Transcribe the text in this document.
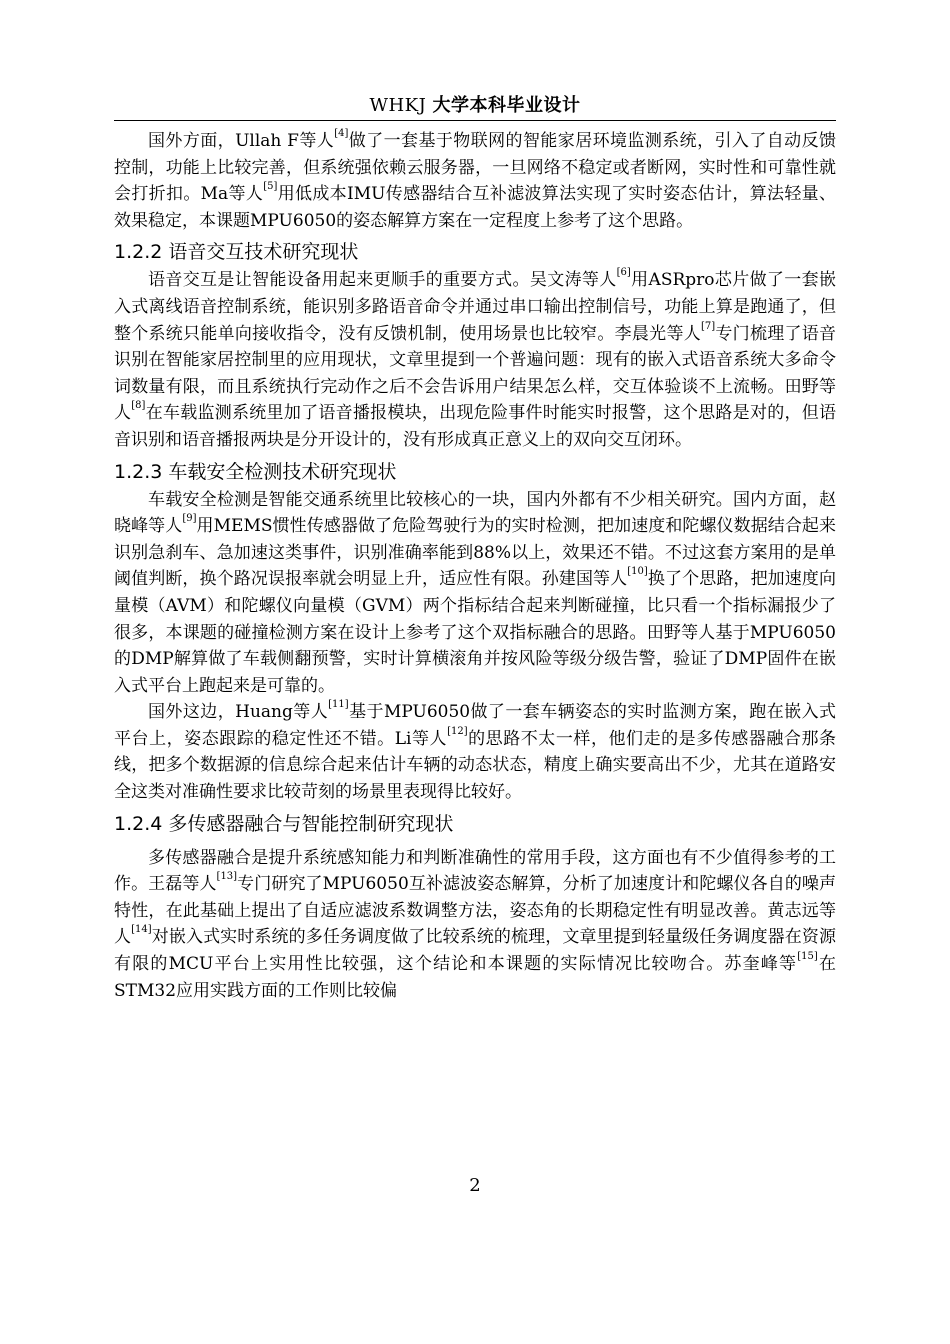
WHKJ 大学本科毕业设计

国外方面，Ullah F等人[4]做了一套基于物联网的智能家居环境监测系统，引入了自动反馈控制，功能上比较完善，但系统强依赖云服务器，一旦网络不稳定或者断网，实时性和可靠性就会打折扣。Ma等人[5]用低成本IMU传感器结合互补滤波算法实现了实时姿态估计，算法轻量、效果稳定，本课题MPU6050的姿态解算方案在一定程度上参考了这个思路。

1.2.2 语音交互技术研究现状

语音交互是让智能设备用起来更顺手的重要方式。吴文涛等人[6]用ASRpro芯片做了一套嵌入式离线语音控制系统，能识别多路语音命令并通过串口输出控制信号，功能上算是跑通了，但整个系统只能单向接收指令，没有反馈机制，使用场景也比较窄。李晨光等人[7]专门梳理了语音识别在智能家居控制里的应用现状，文章里提到一个普遍问题：现有的嵌入式语音系统大多命令词数量有限，而且系统执行完动作之后不会告诉用户结果怎么样，交互体验谈不上流畅。田野等人[8]在车载监测系统里加了语音播报模块，出现危险事件时能实时报警，这个思路是对的，但语音识别和语音播报两块是分开设计的，没有形成真正意义上的双向交互闭环。

1.2.3 车载安全检测技术研究现状

车载安全检测是智能交通系统里比较核心的一块，国内外都有不少相关研究。国内方面，赵晓峰等人[9]用MEMS惯性传感器做了危险驾驶行为的实时检测，把加速度和陀螺仪数据结合起来识别急刹车、急加速这类事件，识别准确率能到88%以上，效果还不错。不过这套方案用的是单阈值判断，换个路况误报率就会明显上升，适应性有限。孙建国等人[10]换了个思路，把加速度向量模（AVM）和陀螺仪向量模（GVM）两个指标结合起来判断碰撞，比只看一个指标漏报少了很多，本课题的碰撞检测方案在设计上参考了这个双指标融合的思路。田野等人基于MPU6050的DMP解算做了车载侧翻预警，实时计算横滚角并按风险等级分级告警，验证了DMP固件在嵌入式平台上跑起来是可靠的。

国外这边，Huang等人[11]基于MPU6050做了一套车辆姿态的实时监测方案，跑在嵌入式平台上，姿态跟踪的稳定性还不错。Li等人[12]的思路不太一样，他们走的是多传感器融合那条线，把多个数据源的信息综合起来估计车辆的动态状态，精度上确实要高出不少，尤其在道路安全这类对准确性要求比较苛刻的场景里表现得比较好。

1.2.4 多传感器融合与智能控制研究现状

多传感器融合是提升系统感知能力和判断准确性的常用手段，这方面也有不少值得参考的工作。王磊等人[13]专门研究了MPU6050互补滤波姿态解算，分析了加速度计和陀螺仪各自的噪声特性，在此基础上提出了自适应滤波系数调整方法，姿态角的长期稳定性有明显改善。黄志远等人[14]对嵌入式实时系统的多任务调度做了比较系统的梳理，文章里提到轻量级任务调度器在资源有限的MCU平台上实用性比较强，这个结论和本课题的实际情况比较吻合。苏奎峰等[15]在STM32应用实践方面的工作则比较偏

2
